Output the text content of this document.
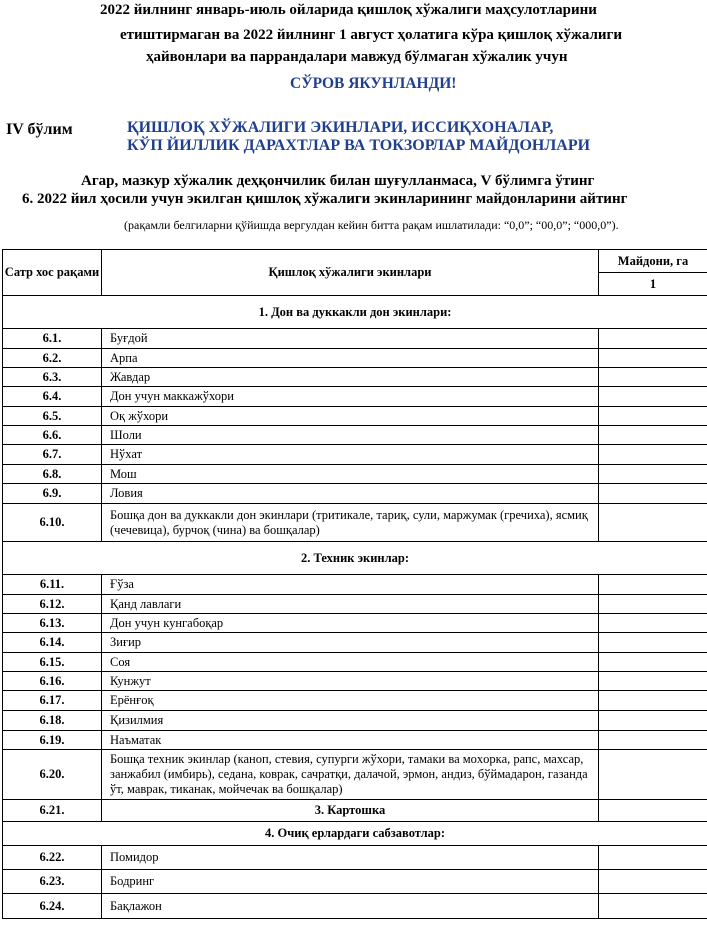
2022 йилнинг январь-июль ойларида қишлоқ хўжалиги маҳсулотларини
етиштирмаган ва 2022 йилнинг 1 август ҳолатига кўра қишлоқ хўжалиги
ҳайвонлари ва паррандалари мавжуд бўлмаган хўжалик учун
СЎРОВ ЯКУНЛАНДИ!
IV бўлим	ҚИШЛОҚ ХЎЖАЛИГИ ЭКИНЛАРИ, ИССИҚХОНАЛАР,
КЎП ЙИЛЛИК ДАРАХТЛАР ВА ТОКЗОРЛАР МАЙДОНЛАРИ
Агар, мазкур хўжалик деҳқончилик билан шуғулланмаса, V бўлимга ўтинг
6. 2022 йил ҳосили учун экилган қишлоқ хўжалиги экинларининг майдонларини айтинг
(рақамли белгиларни қўйишда вергулдан кейин битта рақам ишлатилади: “0,0”; “00,0”; “000,0”).
Сатр хос рақами	Қишлоқ хўжалиги экинлари	Майдони, га
		1
1. Дон ва дуккакли дон экинлари:		
6.1.	Буғдой	
6.2.	Арпа	
6.3.	Жавдар	
6.4.	Дон учун маккажўхори	
6.5.	Оқ жўхори	
6.6.	Шоли	
6.7.	Нўхат	
6.8.	Мош	
6.9.	Ловия	
6.10.	Бошқа дон ва дуккакли дон экинлари (тритикале, тариқ, сули, маржумак (гречиха), ясмиқ (чечевица), бурчоқ (чина) ва бошқалар)	
2. Техник экинлар:		
6.11.	Ғўза	
6.12.	Қанд лавлаги	
6.13.	Дон учун кунгабоқар	
6.14.	Зиғир	
6.15.	Соя	
6.16.	Кунжут	
6.17.	Ерёнғоқ	
6.18.	Қизилмия	
6.19.	Наъматак	
6.20.	Бошқа техник экинлар (каноп, стевия, супурги жўхори, тамаки ва моxорка, рапс, махсар, занжабил (имбирь), седана, коврак, сачратқи, далачой, эрмон, андиз, бўймадарон, газанда ўт, маврак, тиканак, мойчечак ва бошқалар)	
6.21.	3. Картошка	
4. Очиқ ерлардаги сабзавотлар:		
6.22.	Помидор	
6.23.	Бодринг	
6.24.	Бақлажон	
